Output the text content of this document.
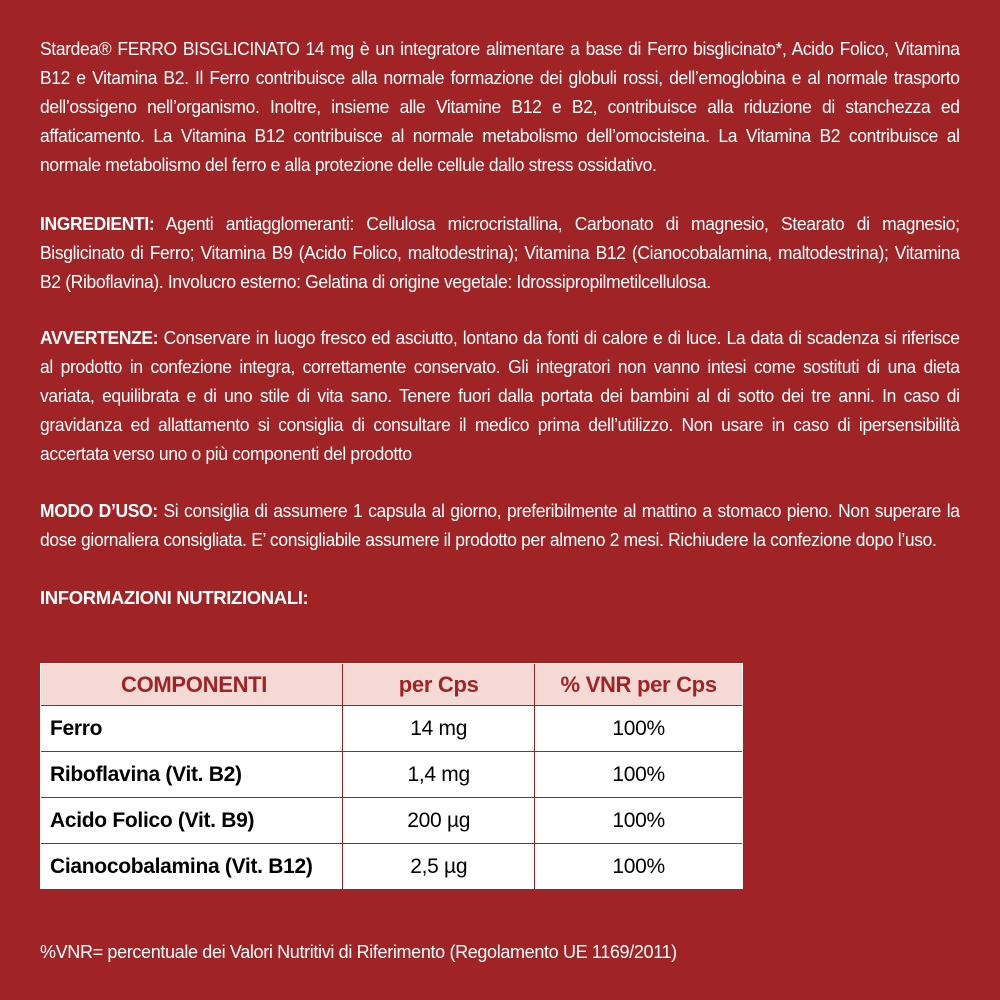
Stardea® FERRO BISGLICINATO 14 mg è un integratore alimentare a base di Ferro bisglicinato*, Acido Folico, Vitamina B12 e Vitamina B2. Il Ferro contribuisce alla normale formazione dei globuli rossi, dell’emoglobina e al normale trasporto dell’ossigeno nell’organismo. Inoltre, insieme alle Vitamine B12 e B2, contribuisce alla riduzione di stanchezza ed affaticamento. La Vitamina B12 contribuisce al normale metabolismo dell’omocisteina. La Vitamina B2 contribuisce al normale metabolismo del ferro e alla protezione delle cellule dallo stress ossidativo.

INGREDIENTI: Agenti antiagglomeranti: Cellulosa microcristallina, Carbonato di magnesio, Stearato di magnesio; Bisglicinato di Ferro; Vitamina B9 (Acido Folico, maltodestrina); Vitamina B12 (Cianocobalamina, maltodestrina); Vitamina B2 (Riboflavina). Involucro esterno: Gelatina di origine vegetale: Idrossipropilmetilcellulosa.

AVVERTENZE: Conservare in luogo fresco ed asciutto, lontano da fonti di calore e di luce. La data di scadenza si riferisce al prodotto in confezione integra, correttamente conservato. Gli integratori non vanno intesi come sostituti di una dieta variata, equilibrata e di uno stile di vita sano. Tenere fuori dalla portata dei bambini al di sotto dei tre anni. In caso di gravidanza ed allattamento si consiglia di consultare il medico prima dell’utilizzo. Non usare in caso di ipersensibilità accertata verso uno o più componenti del prodotto

MODO D’USO: Si consiglia di assumere 1 capsula al giorno, preferibilmente al mattino a stomaco pieno. Non superare la dose giornaliera consigliata. E’ consigliabile assumere il prodotto per almeno 2 mesi. Richiudere la confezione dopo l’uso.

INFORMAZIONI NUTRIZIONALI:

COMPONENTI	per Cps	% VNR per Cps
Ferro	14 mg	100%
Riboflavina (Vit. B2)	1,4 mg	100%
Acido Folico (Vit. B9)	200 µg	100%
Cianocobalamina (Vit. B12)	2,5 µg	100%

%VNR= percentuale dei Valori Nutritivi di Riferimento (Regolamento UE 1169/2011)
